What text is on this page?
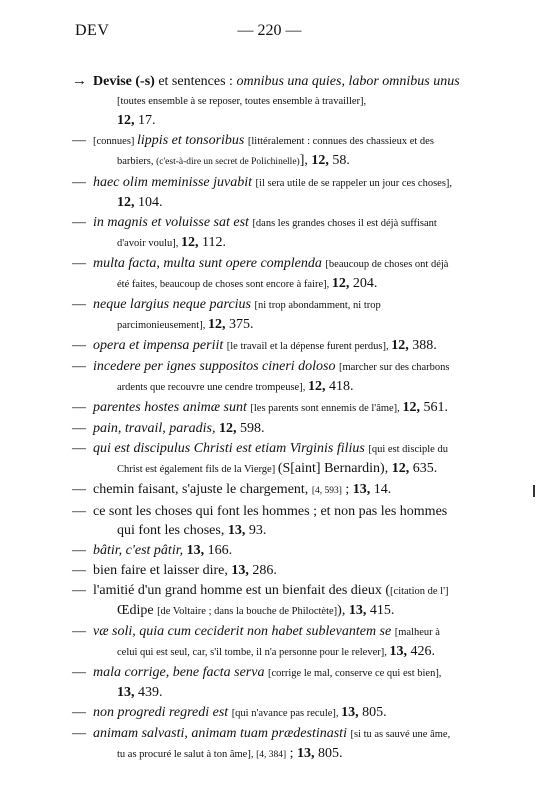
DEV	— 220 —
→ Devise (-s) et sentences : omnibus una quies, labor omnibus unus [toutes ensemble à se reposer, toutes ensemble à travailler],
12, 17.
— [connues] lippis et tonsoribus [littéralement : connues des chassieux et des barbiers, (c'est-à-dire un secret de Polichinelle)], 12, 58.
— haec olim meminisse juvabit [il sera utile de se rappeler un jour ces choses], 12, 104.
— in magnis et voluisse sat est [dans les grandes choses il est déjà suffisant d'avoir voulu], 12, 112.
— multa facta, multa sunt opere complenda [beaucoup de choses ont déjà été faites, beaucoup de choses sont encore à faire], 12, 204.
— neque largius neque parcius [ni trop abondamment, ni trop parcimonieusement], 12, 375.
— opera et impensa periit [le travail et la dépense furent perdus], 12, 388.
— incedere per ignes suppositos cineri doloso [marcher sur des charbons ardents que recouvre une cendre trompeuse], 12, 418.
— parentes hostes animæ sunt [les parents sont ennemis de l'âme], 12, 561.
— pain, travail, paradis, 12, 598.
— qui est discipulus Christi est etiam Virginis filius [qui est disciple du Christ est également fils de la Vierge] (S[aint] Bernardin), 12, 635.
— chemin faisant, s'ajuste le chargement, [4, 593] ; 13, 14.
— ce sont les choses qui font les hommes ; et non pas les hommes qui font les choses, 13, 93.
— bâtir, c'est pâtir, 13, 166.
— bien faire et laisser dire, 13, 286.
— l'amitié d'un grand homme est un bienfait des dieux ([citation de l'] Œdipe [de Voltaire ; dans la bouche de Philoctète]), 13, 415.
— væ soli, quia cum ceciderit non habet sublevantem se [malheur à celui qui est seul, car, s'il tombe, il n'a personne pour le relever], 13, 426.
— mala corrige, bene facta serva [corrige le mal, conserve ce qui est bien], 13, 439.
— non progredi regredi est [qui n'avance pas recule], 13, 805.
— animam salvasti, animam tuam prædestinasti [si tu as sauvé une âme, tu as procuré le salut à ton âme], [4, 384] ; 13, 805.
